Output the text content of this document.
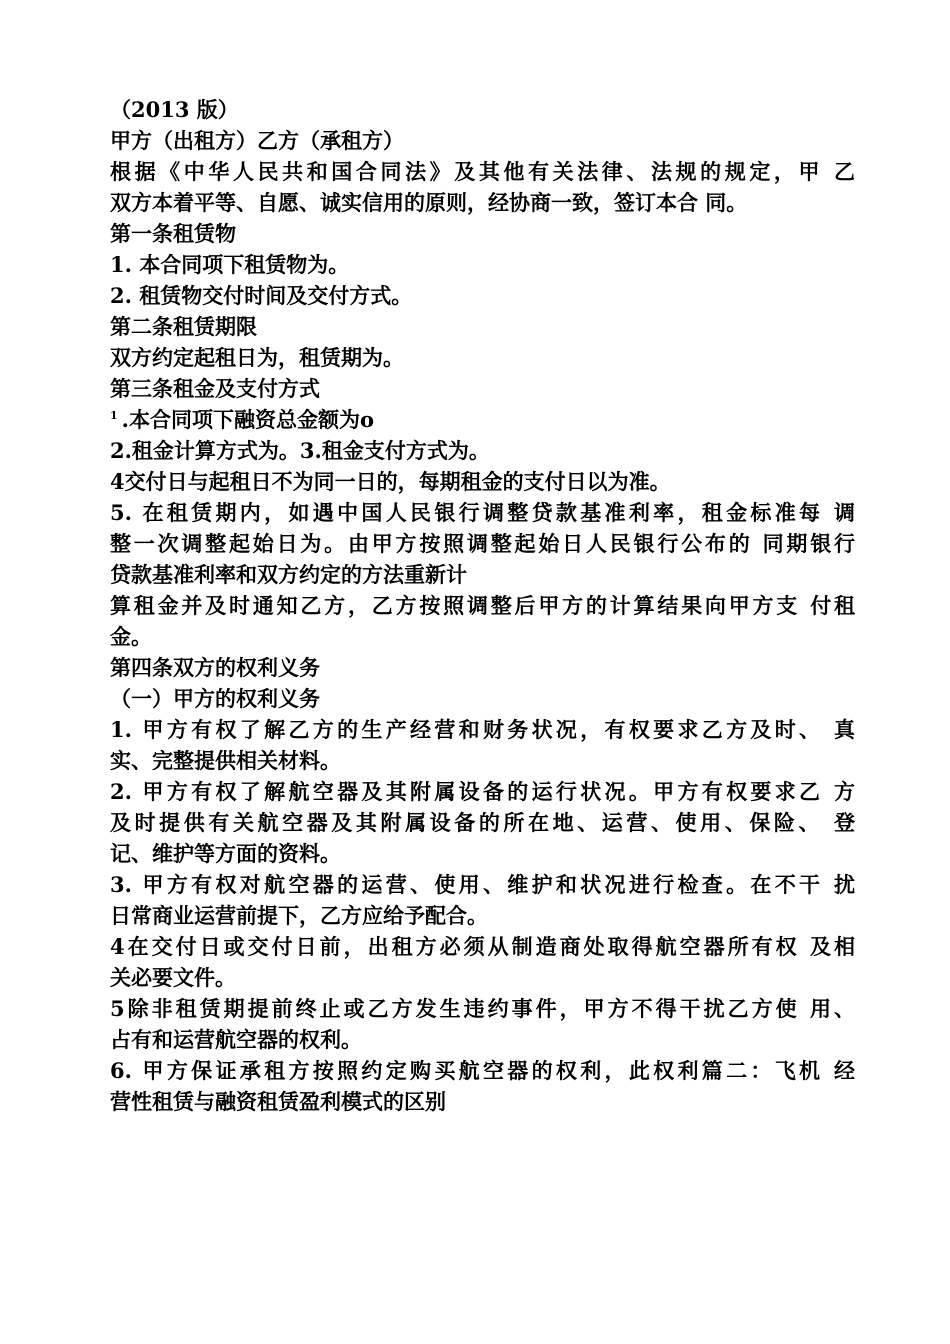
（2013 版）
甲方（出租方）乙方（承租方）
根据《中华人民共和国合同法》及其他有关法律、法规的规定，甲 乙
双方本着平等、自愿、诚实信用的原则，经协商一致，签订本合 同。
第一条租赁物
1. 本合同项下租赁物为。
2. 租赁物交付时间及交付方式。
第二条租赁期限
双方约定起租日为，租赁期为。
第三条租金及支付方式
$^1$ .本合同项下融资总金额为o
2.租金计算方式为。3.租金支付方式为。
4交付日与起租日不为同一日的，每期租金的支付日以为准。
5. 在租赁期内，如遇中国人民银行调整贷款基准利率，租金标准每 调
整一次调整起始日为。由甲方按照调整起始日人民银行公布的 同期银行
贷款基准利率和双方约定的方法重新计
算租金并及时通知乙方，乙方按照调整后甲方的计算结果向甲方支 付租
金。
第四条双方的权利义务
（一）甲方的权利义务
1. 甲方有权了解乙方的生产经营和财务状况，有权要求乙方及时、 真
实、完整提供相关材料。
2. 甲方有权了解航空器及其附属设备的运行状况。甲方有权要求乙 方
及时提供有关航空器及其附属设备的所在地、运营、使用、保险、 登
记、维护等方面的资料。
3. 甲方有权对航空器的运营、使用、维护和状况进行检查。在不干 扰
日常商业运营前提下，乙方应给予配合。
4在交付日或交付日前，出租方必须从制造商处取得航空器所有权 及相
关必要文件。
5除非租赁期提前终止或乙方发生违约事件，甲方不得干扰乙方使 用、
占有和运营航空器的权利。
6. 甲方保证承租方按照约定购买航空器的权利，此权利篇二：飞机 经
营性租赁与融资租赁盈利模式的区别
